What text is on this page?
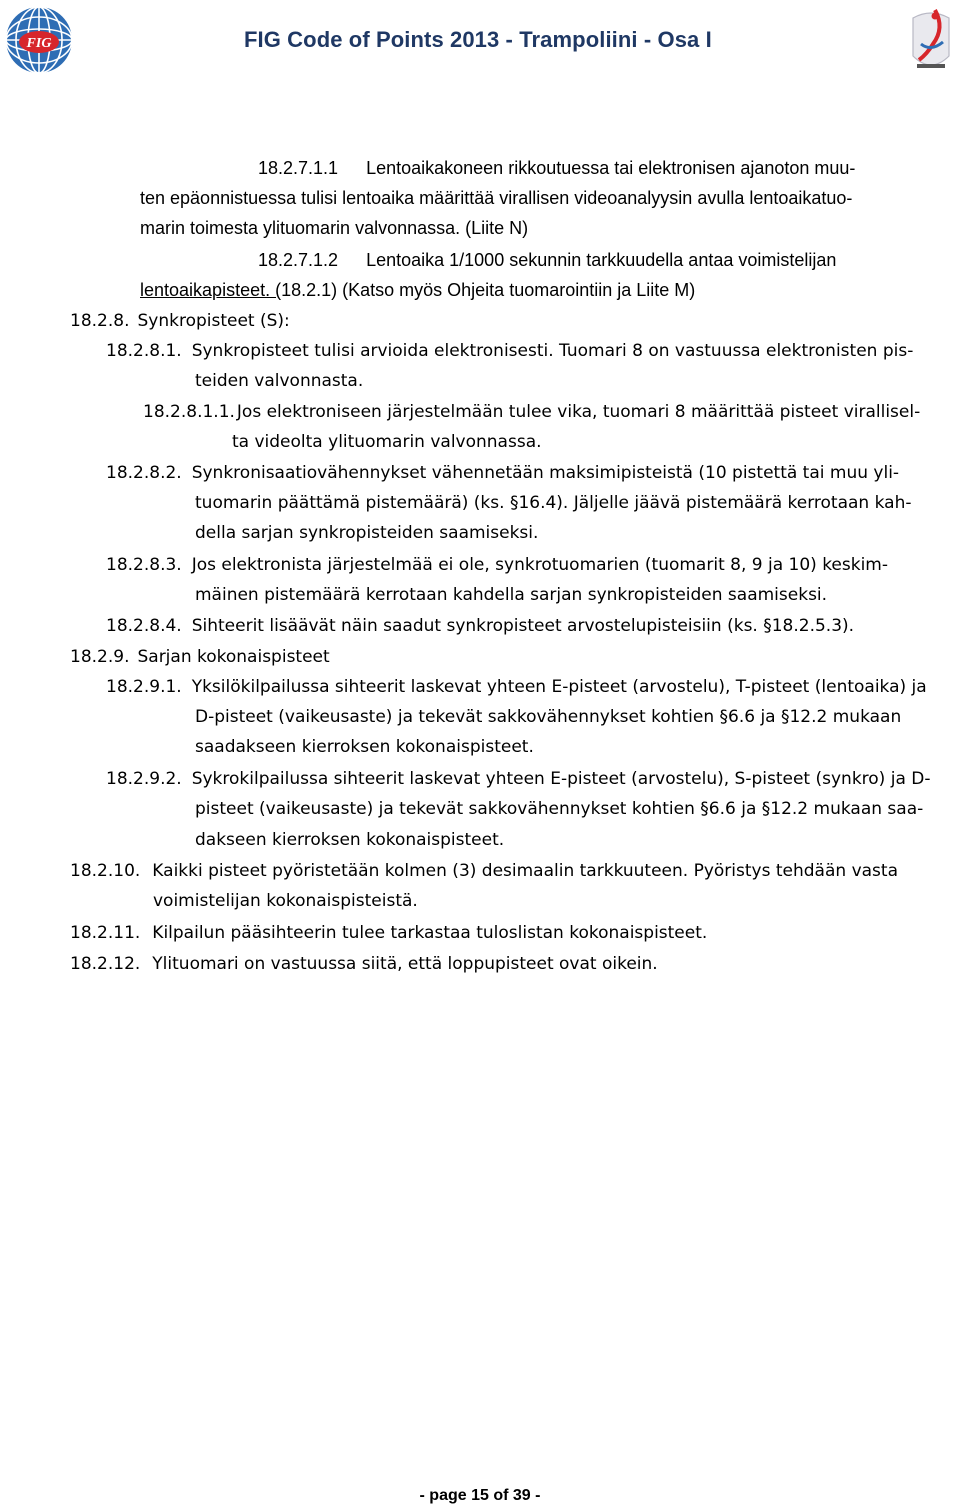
FIG	FIG Code of Points 2013 - Trampoliini - Osa I
18.2.7.1.1 Lentoaikakoneen rikkoutuessa tai elektronisen ajanoton muu-
ten epäonnistuessa tulisi lentoaika määrittää virallisen videoanalyysin avulla lentoaikatuo-
marin toimesta ylituomarin valvonnassa. (Liite N)
18.2.7.1.2 Lentoaika 1/1000 sekunnin tarkkuudella antaa voimistelijan
lentoaikapisteet. (18.2.1) (Katso myös Ohjeita tuomarointiin ja Liite M)
18.2.8. Synkropisteet (S):
18.2.8.1. Synkropisteet tulisi arvioida elektronisesti. Tuomari 8 on vastuussa elektronisten pis-
teiden valvonnasta.
18.2.8.1.1. Jos elektroniseen järjestelmään tulee vika, tuomari 8 määrittää pisteet virallisel-
ta videolta ylituomarin valvonnassa.
18.2.8.2. Synkronisaatiovähennykset vähennetään maksimipisteistä (10 pistettä tai muu yli-
tuomarin päättämä pistemäärä) (ks. §16.4). Jäljelle jäävä pistemäärä kerrotaan kah-
della sarjan synkropisteiden saamiseksi.
18.2.8.3. Jos elektronista järjestelmää ei ole, synkrotuomarien (tuomarit 8, 9 ja 10) keskim-
mäinen pistemäärä kerrotaan kahdella sarjan synkropisteiden saamiseksi.
18.2.8.4. Sihteerit lisäävät näin saadut synkropisteet arvostelupisteisiin (ks. §18.2.5.3).
18.2.9. Sarjan kokonaispisteet
18.2.9.1. Yksilökilpailussa sihteerit laskevat yhteen E-pisteet (arvostelu), T-pisteet (lentoaika) ja
D-pisteet (vaikeusaste) ja tekevät sakkovähennykset kohtien §6.6 ja §12.2 mukaan
saadakseen kierroksen kokonaispisteet.
18.2.9.2. Sykrokilpailussa sihteerit laskevat yhteen E-pisteet (arvostelu), S-pisteet (synkro) ja D-
pisteet (vaikeusaste) ja tekevät sakkovähennykset kohtien §6.6 ja §12.2 mukaan saa-
dakseen kierroksen kokonaispisteet.
18.2.10. Kaikki pisteet pyöristetään kolmen (3) desimaalin tarkkuuteen. Pyöristys tehdään vasta
voimistelijan kokonaispisteistä.
18.2.11. Kilpailun pääsihteerin tulee tarkastaa tuloslistan kokonaispisteet.
18.2.12. Ylituomari on vastuussa siitä, että loppupisteet ovat oikein.
- page 15 of 39 -
